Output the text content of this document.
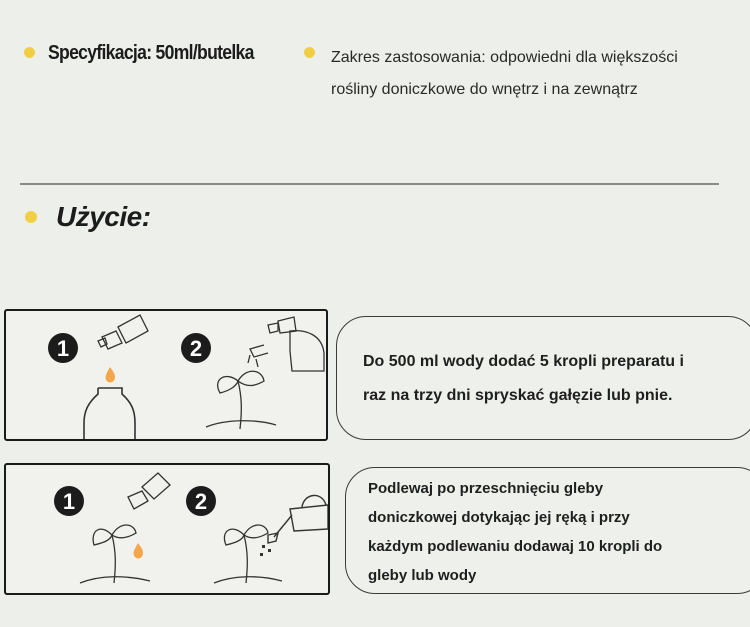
Specyfikacja: 50ml/butelka	Zakres zastosowania: odpowiedni dla większości
rośliny doniczkowe do wnętrz i na zewnątrz
Użycie:
1	2
Do 500 ml wody dodać 5 kropli preparatu i
raz na trzy dni spryskać gałęzie lub pnie.
1	2
Podlewaj po przeschnięciu gleby
doniczkowej dotykając jej ręką i przy
każdym podlewaniu dodawaj 10 kropli do
gleby lub wody
